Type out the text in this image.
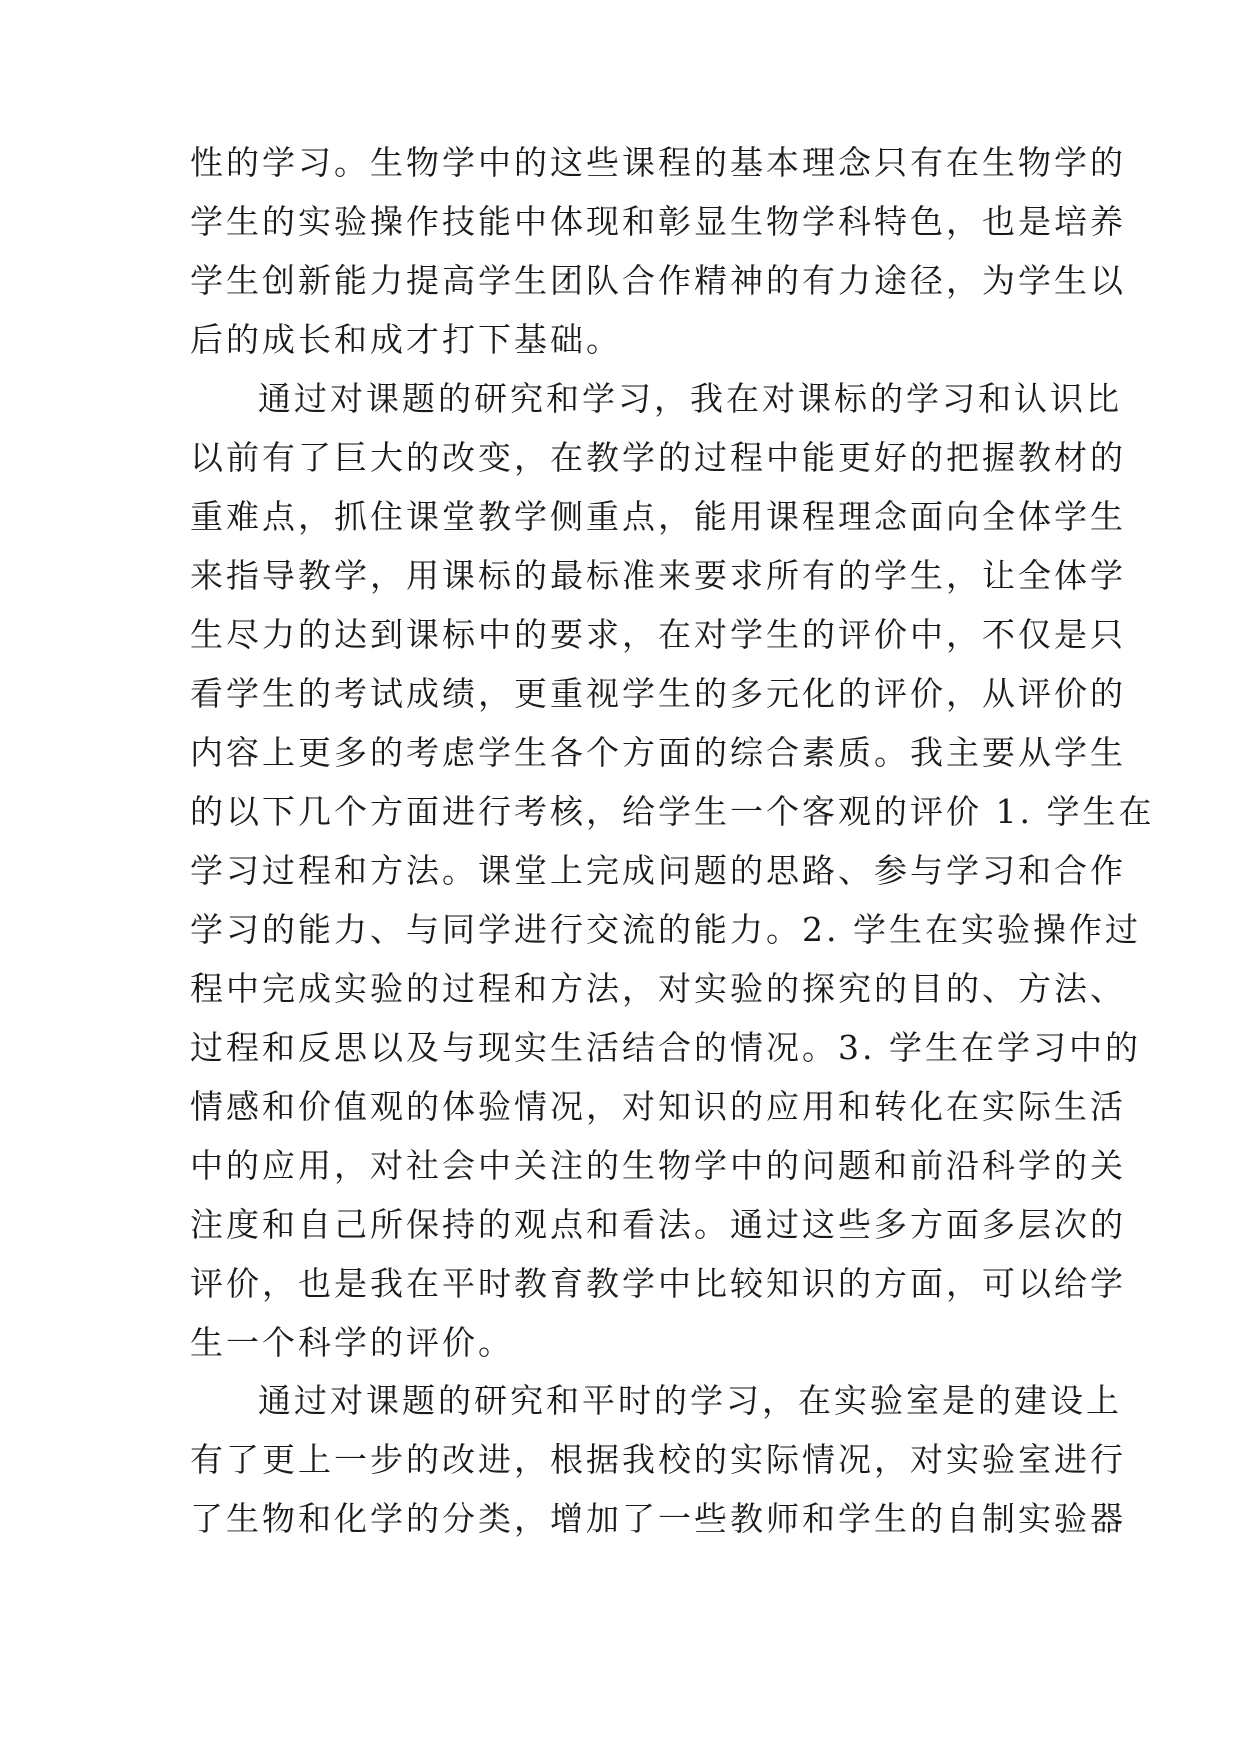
性的学习。生物学中的这些课程的基本理念只有在生物学的
学生的实验操作技能中体现和彰显生物学科特色，也是培养
学生创新能力提高学生团队合作精神的有力途径，为学生以
后的成长和成才打下基础。
通过对课题的研究和学习，我在对课标的学习和认识比
以前有了巨大的改变，在教学的过程中能更好的把握教材的
重难点，抓住课堂教学侧重点，能用课程理念面向全体学生
来指导教学，用课标的最标准来要求所有的学生，让全体学
生尽力的达到课标中的要求，在对学生的评价中，不仅是只
看学生的考试成绩，更重视学生的多元化的评价，从评价的
内容上更多的考虑学生各个方面的综合素质。我主要从学生
的以下几个方面进行考核，给学生一个客观的评价 1. 学生在
学习过程和方法。课堂上完成问题的思路、参与学习和合作
学习的能力、与同学进行交流的能力。2. 学生在实验操作过
程中完成实验的过程和方法，对实验的探究的目的、方法、
过程和反思以及与现实生活结合的情况。3. 学生在学习中的
情感和价值观的体验情况，对知识的应用和转化在实际生活
中的应用，对社会中关注的生物学中的问题和前沿科学的关
注度和自己所保持的观点和看法。通过这些多方面多层次的
评价，也是我在平时教育教学中比较知识的方面，可以给学
生一个科学的评价。
通过对课题的研究和平时的学习，在实验室是的建设上
有了更上一步的改进，根据我校的实际情况，对实验室进行
了生物和化学的分类，增加了一些教师和学生的自制实验器
